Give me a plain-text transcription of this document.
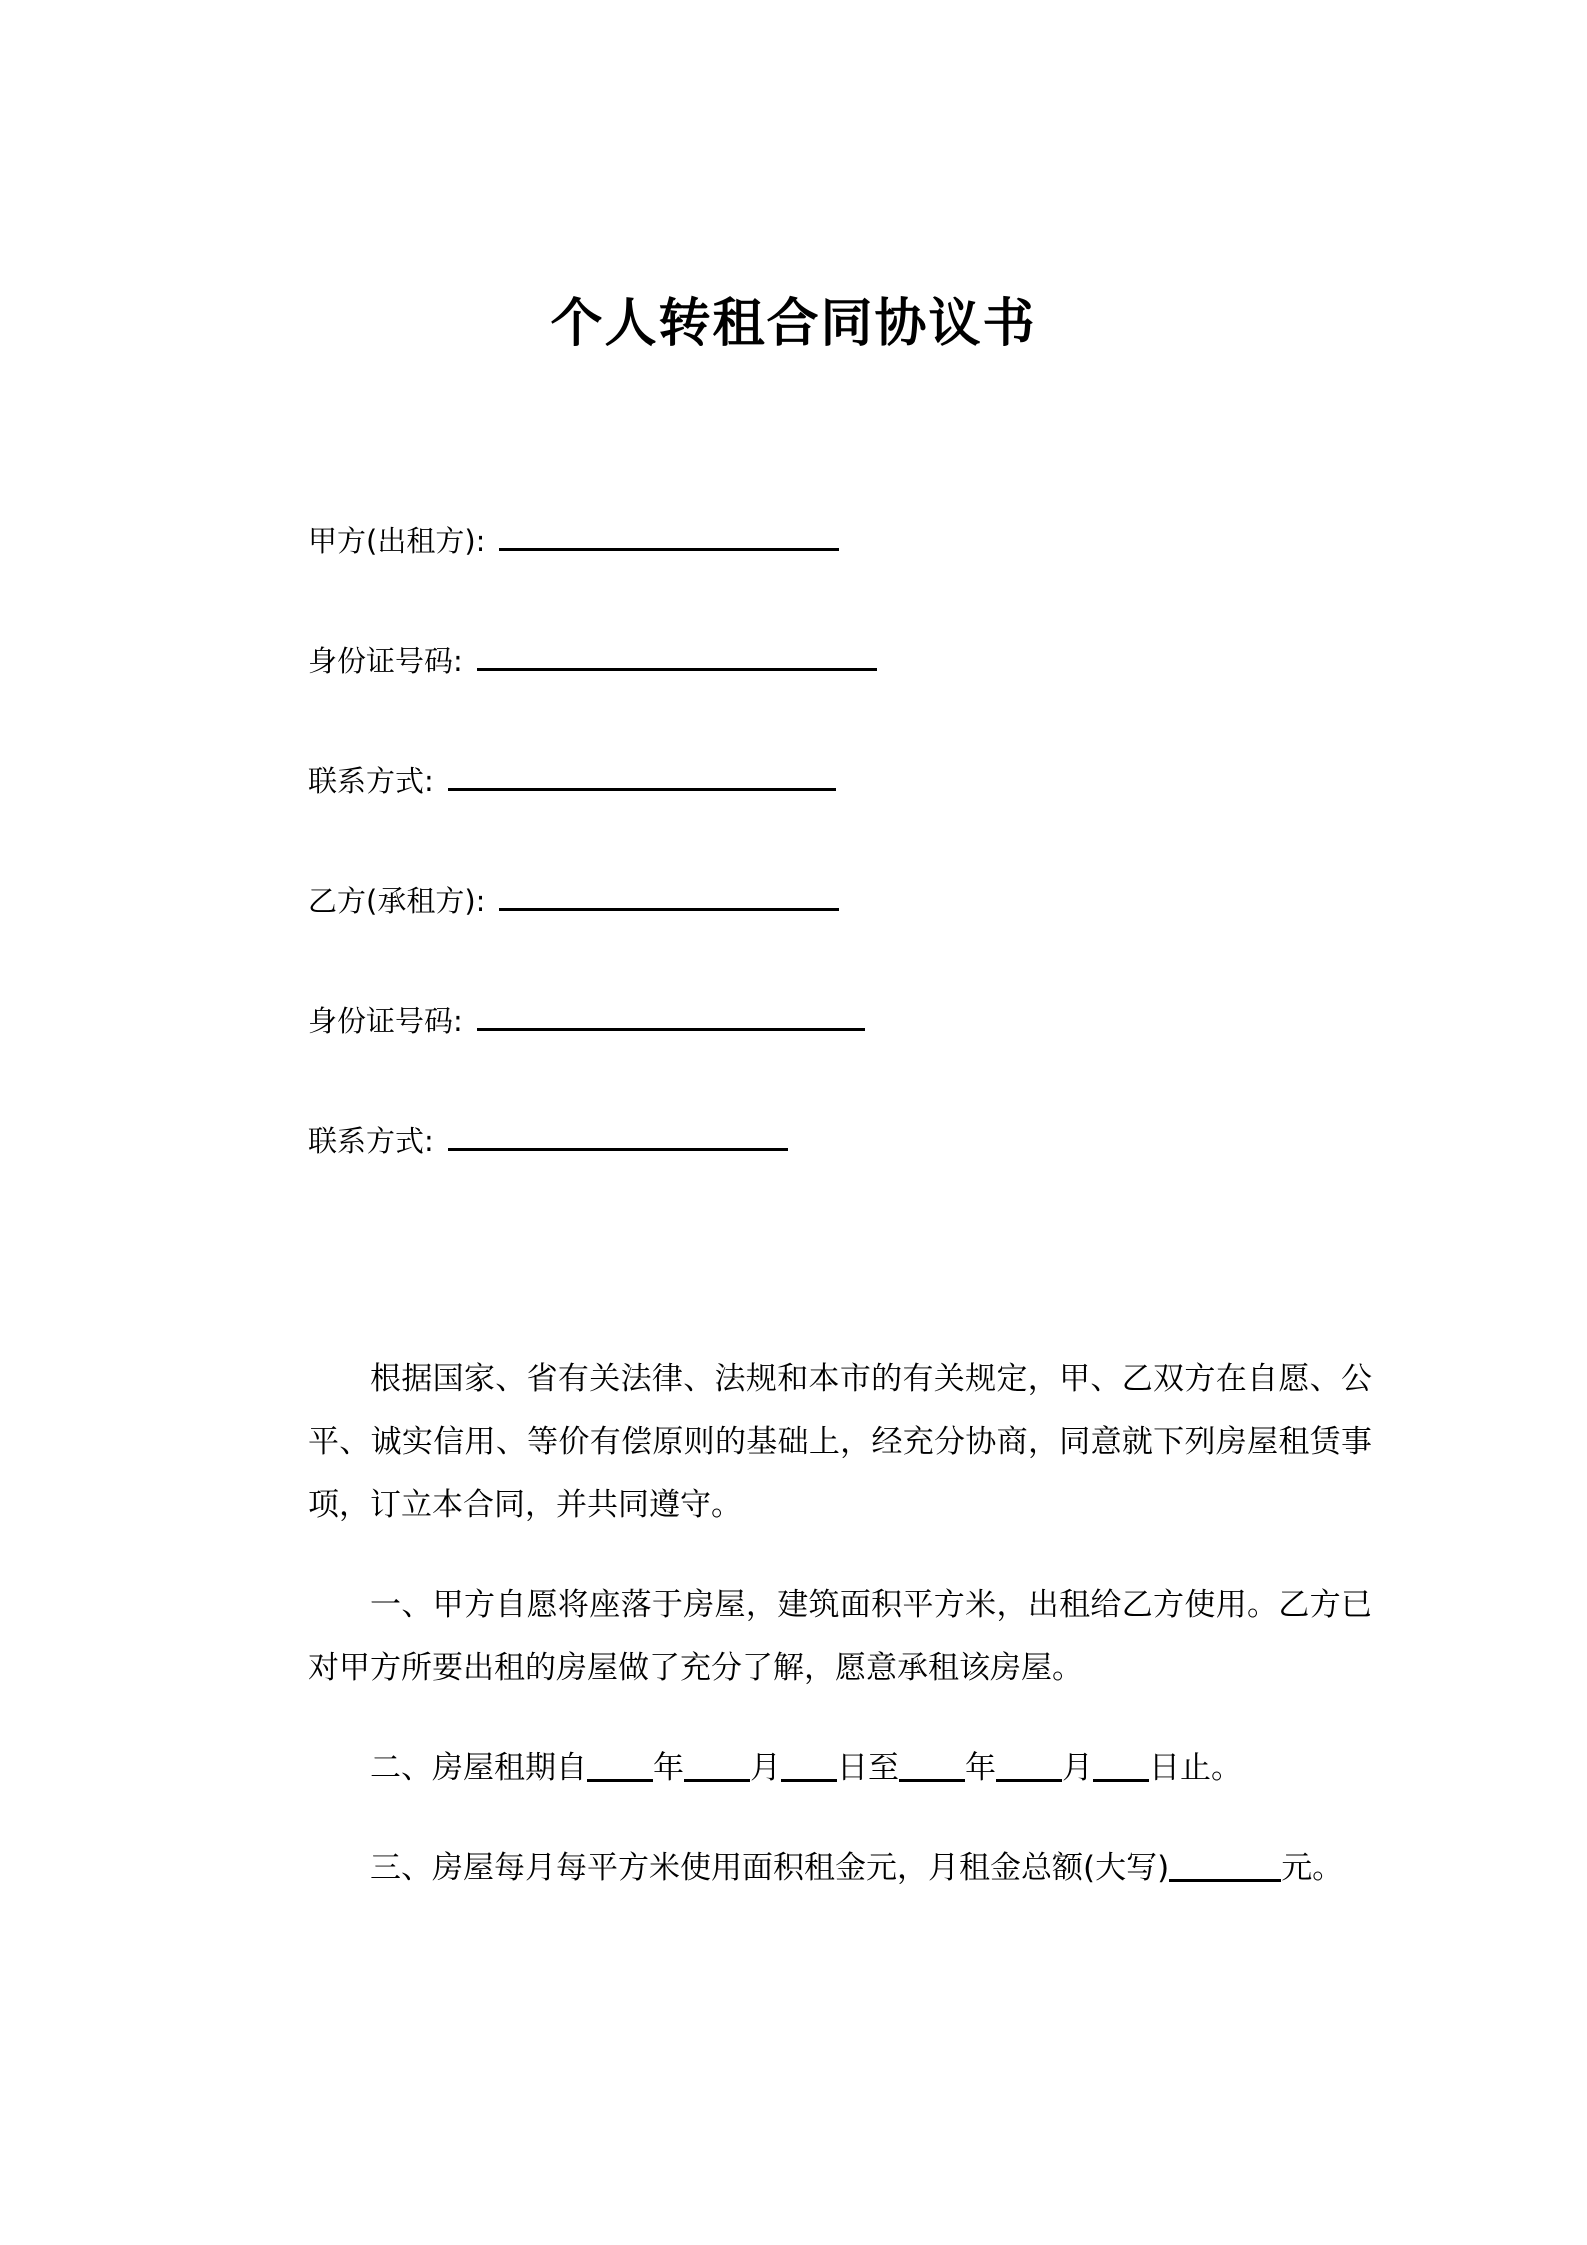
个人转租合同协议书
甲方(出租方):
身份证号码:
联系方式:
乙方(承租方):
身份证号码:
联系方式:

根据国家、省有关法律、法规和本市的有关规定，甲、乙双方在自愿、公平、诚实信用、等价有偿原则的基础上，经充分协商，同意就下列房屋租赁事项，订立本合同，并共同遵守。

一、甲方自愿将座落于房屋，建筑面积平方米，出租给乙方使用。乙方已对甲方所要出租的房屋做了充分了解，愿意承租该房屋。

二、房屋租期自 年 月 日至 年 月 日止。

三、房屋每月每平方米使用面积租金元，月租金总额(大写)	元。
